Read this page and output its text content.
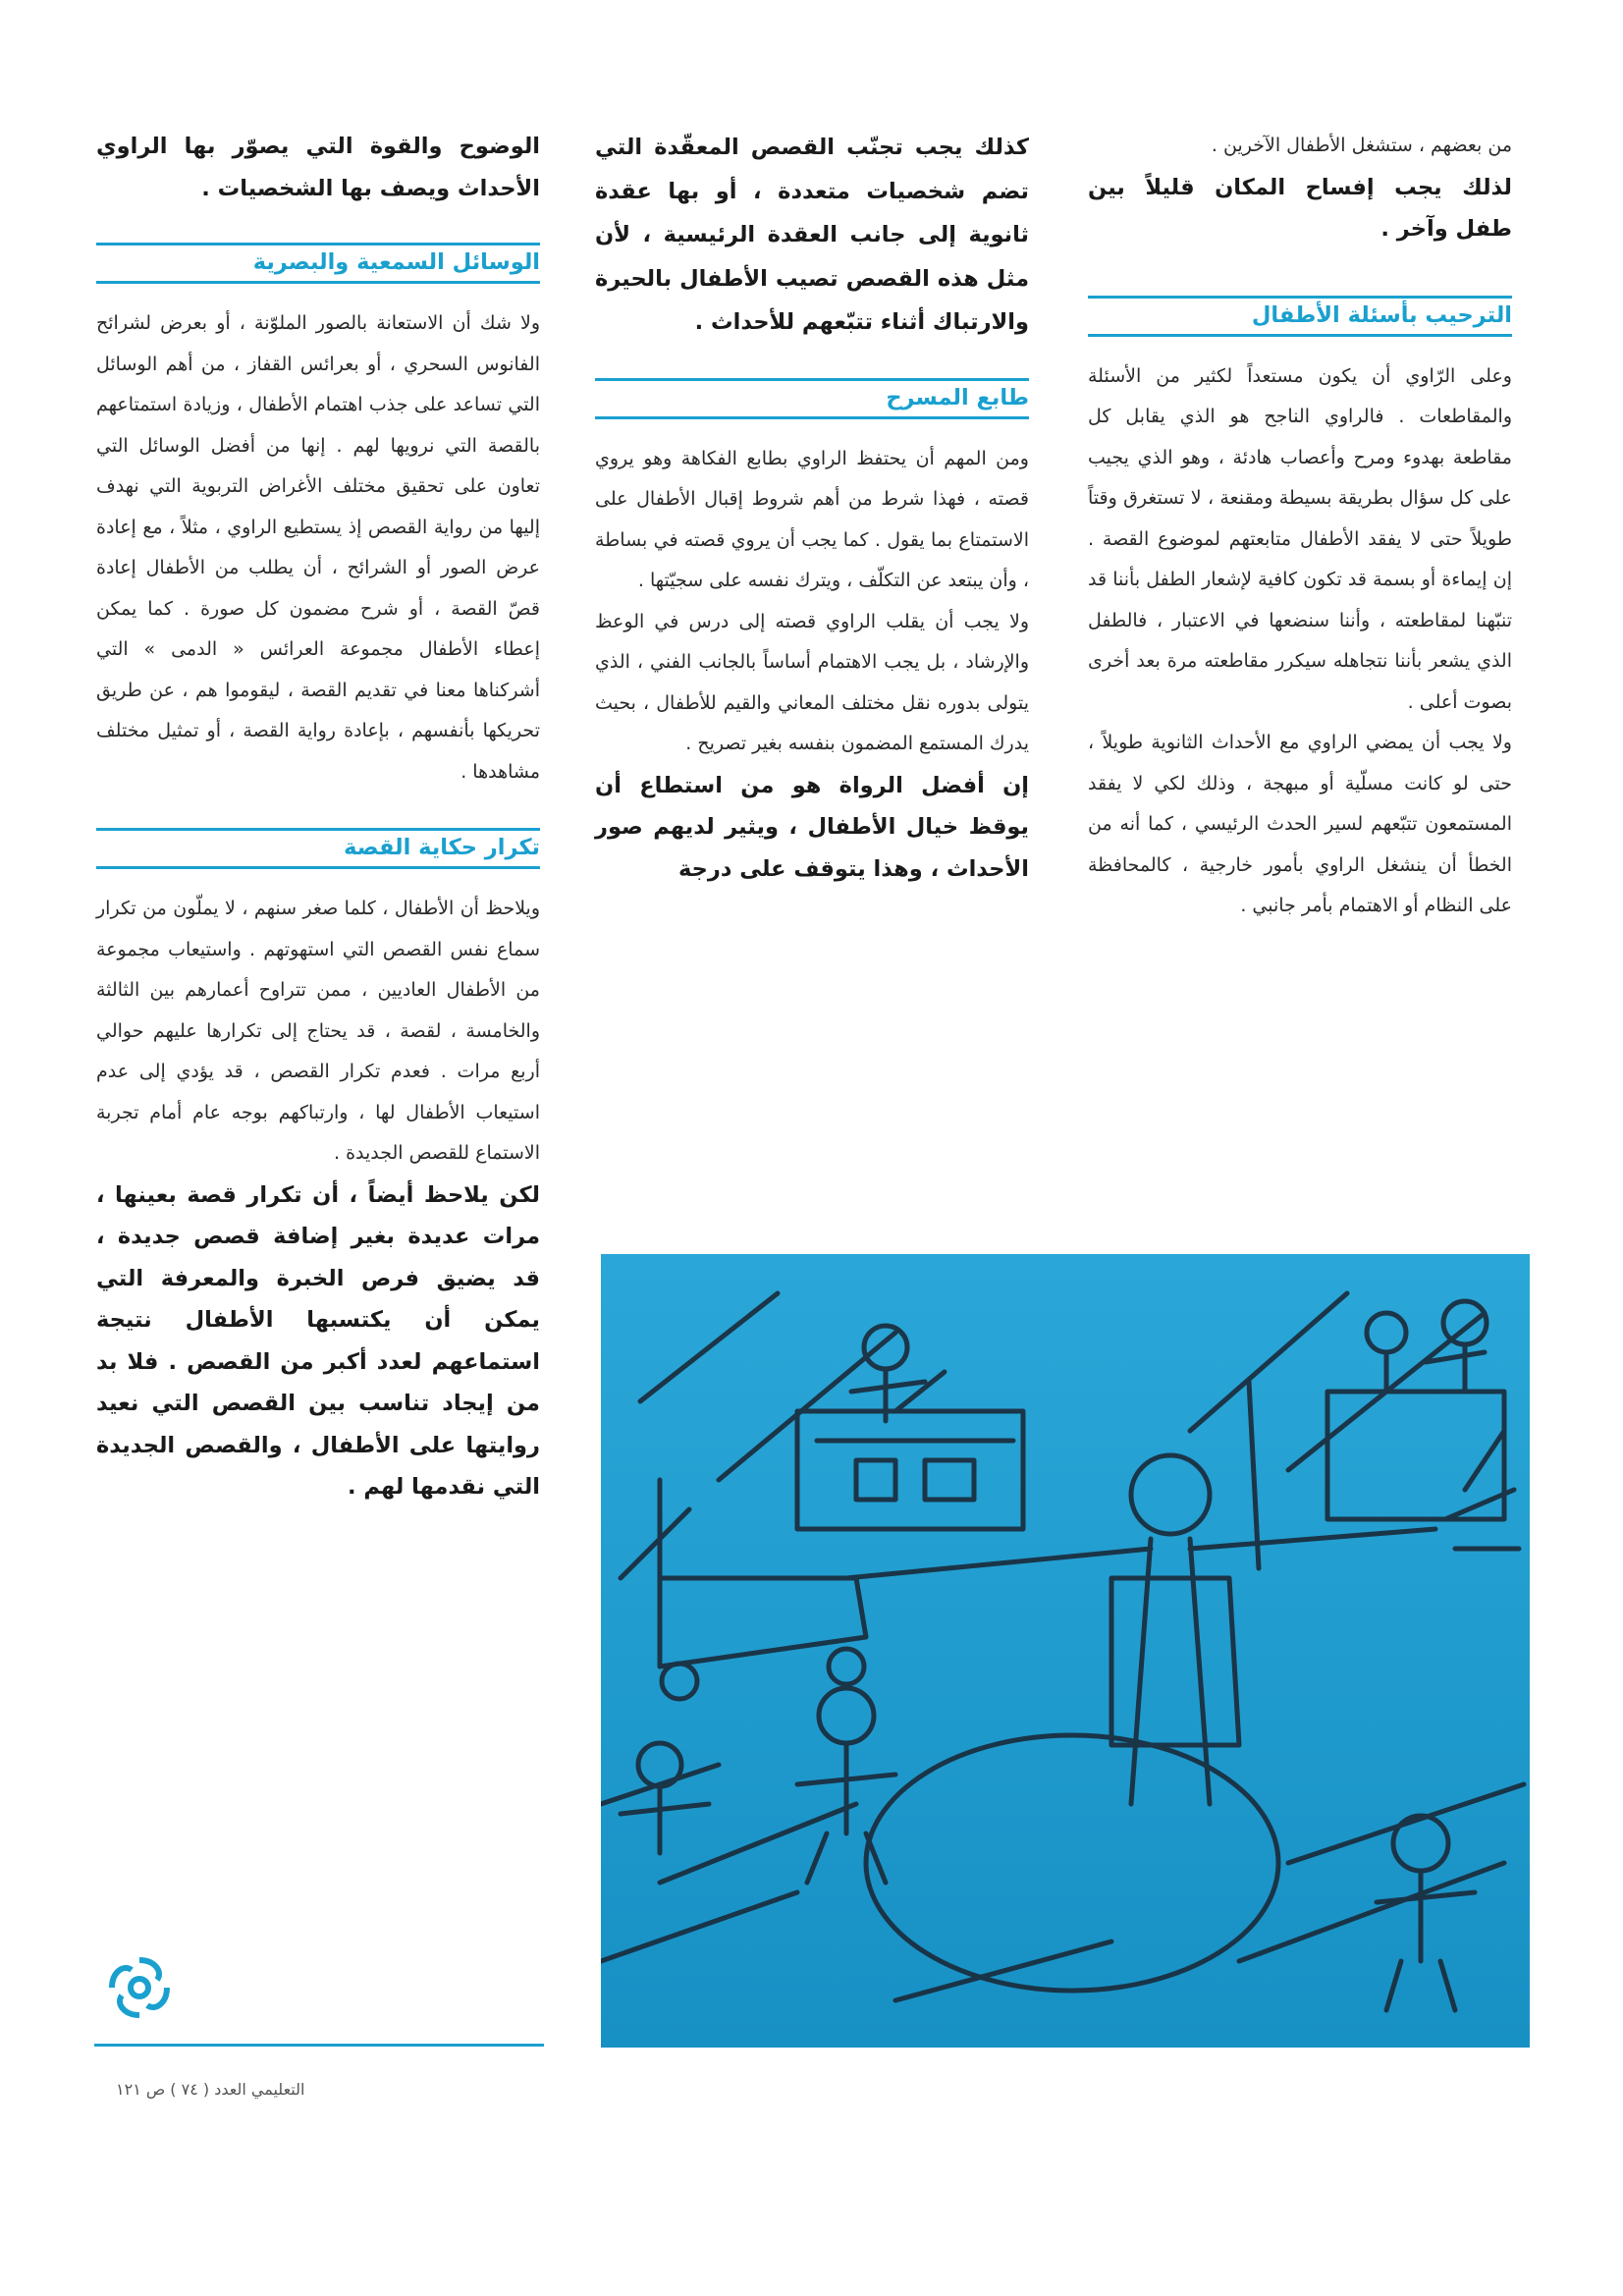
من بعضهم ، ستشغل الأطفال الآخرين .

لذلك يجب إفساح المكان قليلاً بين طفل وآخر .

الترحيب بأسئلة الأطفال

وعلى الرّاوي أن يكون مستعداً لكثير من الأسئلة والمقاطعات . فالراوي الناجح هو الذي يقابل كل مقاطعة بهدوء ومرح وأعصاب هادئة ، وهو الذي يجيب على كل سؤال بطريقة بسيطة ومقنعة ، لا تستغرق وقتاً طويلاً حتى لا يفقد الأطفال متابعتهم لموضوع القصة . إن إيماءة أو بسمة قد تكون كافية لإشعار الطفل بأننا قد تنبّهنا لمقاطعته ، وأننا سنضعها في الاعتبار ، فالطفل الذي يشعر بأننا نتجاهله سيكرر مقاطعته مرة بعد أخرى بصوت أعلى .

ولا يجب أن يمضي الراوي مع الأحداث الثانوية طويلاً ، حتى لو كانت مسلّية أو مبهجة ، وذلك لكي لا يفقد المستمعون تتبّعهم لسير الحدث الرئيسي ، كما أنه من الخطأ أن ينشغل الراوي بأمور خارجية ، كالمحافظة على النظام أو الاهتمام بأمر جانبي .

كذلك يجب تجنّب القصص المعقّدة التي تضم شخصيات متعددة ، أو بها عقدة ثانوية إلى جانب العقدة الرئيسية ، لأن مثل هذه القصص تصيب الأطفال بالحيرة والارتباك أثناء تتبّعهم للأحداث .

طابع المسرح

ومن المهم أن يحتفظ الراوي بطابع الفكاهة وهو يروي قصته ، فهذا شرط من أهم شروط إقبال الأطفال على الاستمتاع بما يقول . كما يجب أن يروي قصته في بساطة ، وأن يبتعد عن التكلّف ، ويترك نفسه على سجيّتها .

ولا يجب أن يقلب الراوي قصته إلى درس في الوعظ والإرشاد ، بل يجب الاهتمام أساساً بالجانب الفني ، الذي يتولى بدوره نقل مختلف المعاني والقيم للأطفال ، بحيث يدرك المستمع المضمون بنفسه بغير تصريح .

إن أفضل الرواة هو من استطاع أن يوقظ خيال الأطفال ، ويثير لديهم صور الأحداث ، وهذا يتوقف على درجة

الوضوح والقوة التي يصوّر بها الراوي الأحداث ويصف بها الشخصيات .

الوسائل السمعية والبصرية

ولا شك أن الاستعانة بالصور الملوّنة ، أو بعرض لشرائح الفانوس السحري ، أو بعرائس القفاز ، من أهم الوسائل التي تساعد على جذب اهتمام الأطفال ، وزيادة استمتاعهم بالقصة التي نرويها لهم . إنها من أفضل الوسائل التي تعاون على تحقيق مختلف الأغراض التربوية التي نهدف إليها من رواية القصص إذ يستطيع الراوي ، مثلاً ، مع إعادة عرض الصور أو الشرائح ، أن يطلب من الأطفال إعادة قصّ القصة ، أو شرح مضمون كل صورة . كما يمكن إعطاء الأطفال مجموعة العرائس « الدمى » التي أشركناها معنا في تقديم القصة ، ليقوموا هم ، عن طريق تحريكها بأنفسهم ، بإعادة رواية القصة ، أو تمثيل مختلف مشاهدها .

تكرار حكاية القصة

ويلاحظ أن الأطفال ، كلما صغر سنهم ، لا يملّون من تكرار سماع نفس القصص التي استهوتهم . واستيعاب مجموعة من الأطفال العاديين ، ممن تتراوح أعمارهم بين الثالثة والخامسة ، لقصة ، قد يحتاج إلى تكرارها عليهم حوالي أربع مرات . فعدم تكرار القصص ، قد يؤدي إلى عدم استيعاب الأطفال لها ، وارتباكهم بوجه عام أمام تجربة الاستماع للقصص الجديدة .

لكن يلاحظ أيضاً ، أن تكرار قصة بعينها ، مرات عديدة بغير إضافة قصص جديدة ، قد يضيق فرص الخبرة والمعرفة التي يمكن أن يكتسبها الأطفال نتيجة استماعهم لعدد أكبر من القصص . فلا بد من إيجاد تناسب بين القصص التي نعيد روايتها على الأطفال ، والقصص الجديدة التي نقدمها لهم .

التعليمي العدد ( ٧٤ ) ص ١٢١
